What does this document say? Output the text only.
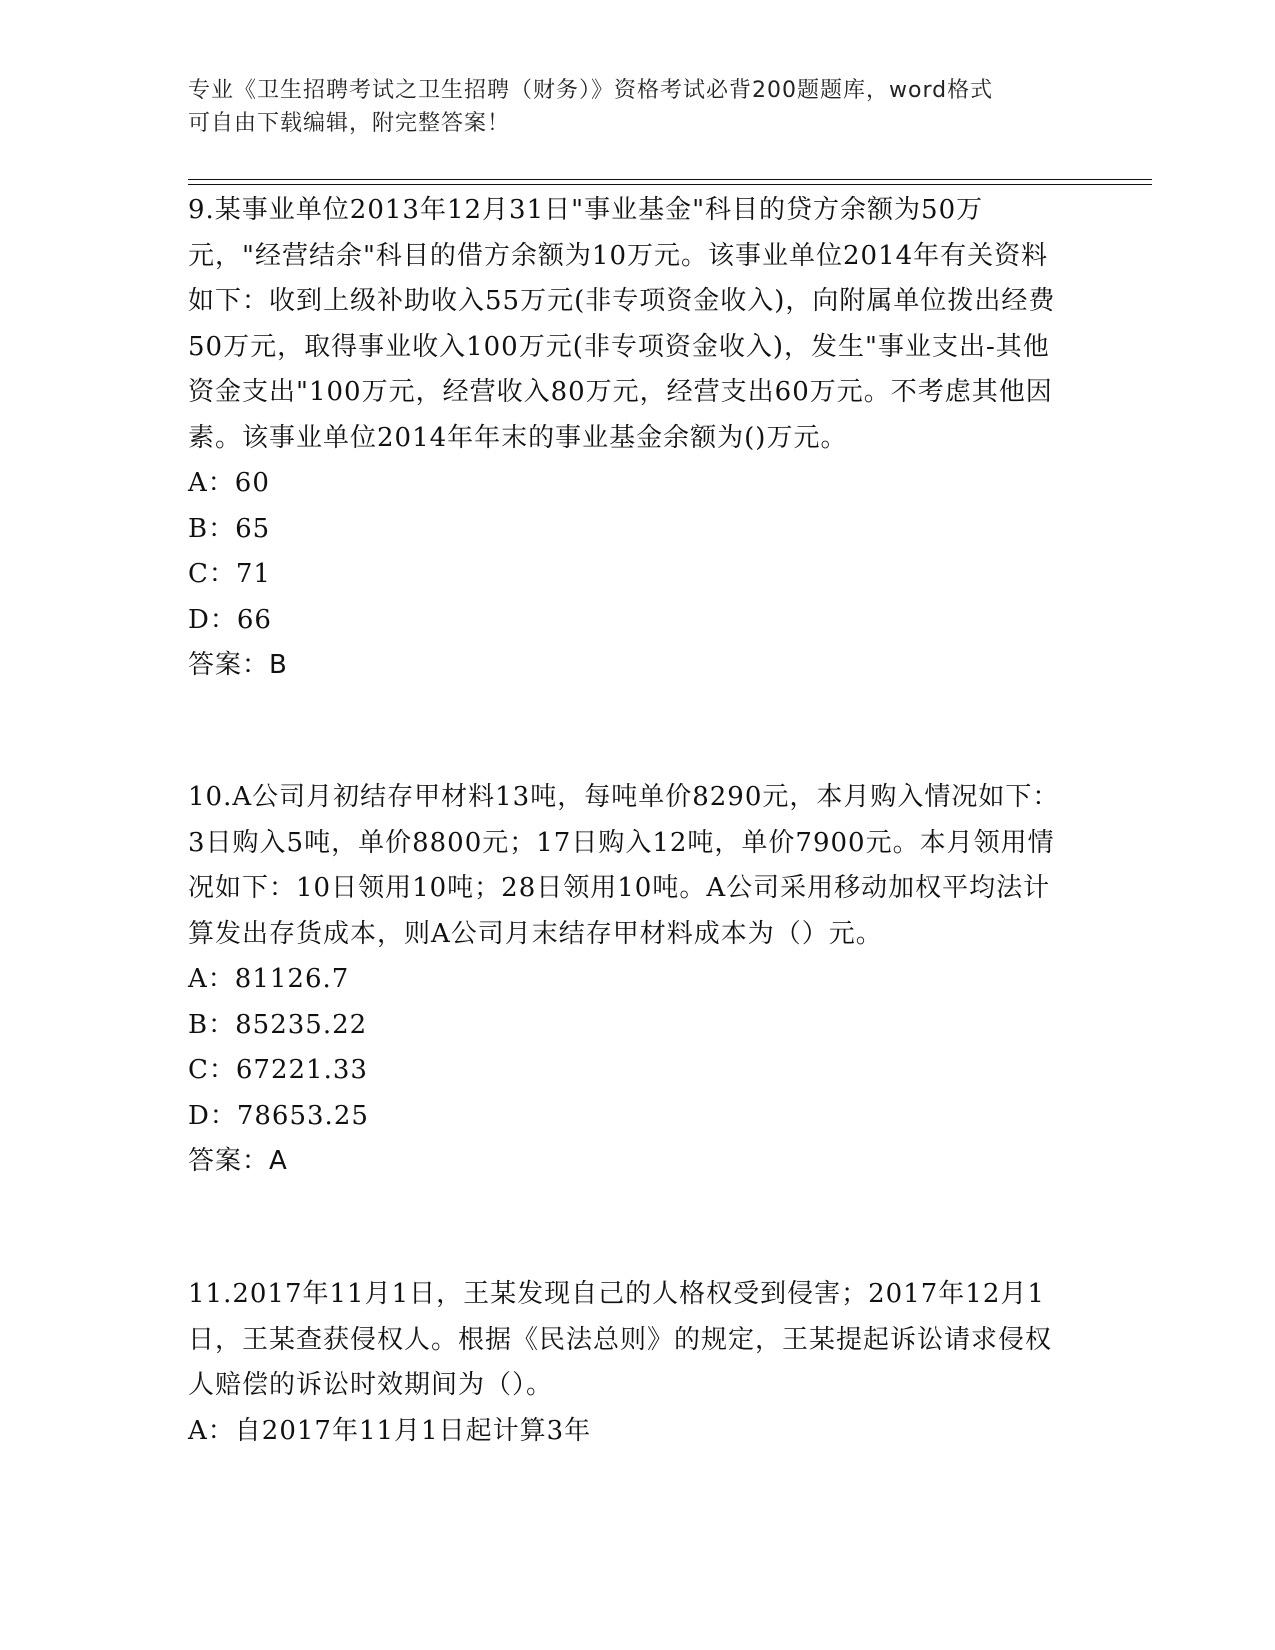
专业《卫生招聘考试之卫生招聘（财务）》资格考试必背200题题库，word格式
可自由下载编辑，附完整答案！

9.某事业单位2013年12月31日"事业基金"科目的贷方余额为50万元，"经营结余"科目的借方余额为10万元。该事业单位2014年有关资料如下：收到上级补助收入55万元(非专项资金收入)，向附属单位拨出经费50万元，取得事业收入100万元(非专项资金收入)，发生"事业支出-其他资金支出"100万元，经营收入80万元，经营支出60万元。不考虑其他因素。该事业单位2014年年末的事业基金余额为()万元。

A：60

B：65

C：71

D：66

答案：B

10.A公司月初结存甲材料13吨，每吨单价8290元，本月购入情况如下：3日购入5吨，单价8800元；17日购入12吨，单价7900元。本月领用情况如下：10日领用10吨；28日领用10吨。A公司采用移动加权平均法计算发出存货成本，则A公司月末结存甲材料成本为（）元。

A：81126.7

B：85235.22

C：67221.33

D：78653.25

答案：A

11.2017年11月1日，王某发现自己的人格权受到侵害；2017年12月1日，王某查获侵权人。根据《民法总则》的规定，王某提起诉讼请求侵权人赔偿的诉讼时效期间为（）。

A：自2017年11月1日起计算3年
